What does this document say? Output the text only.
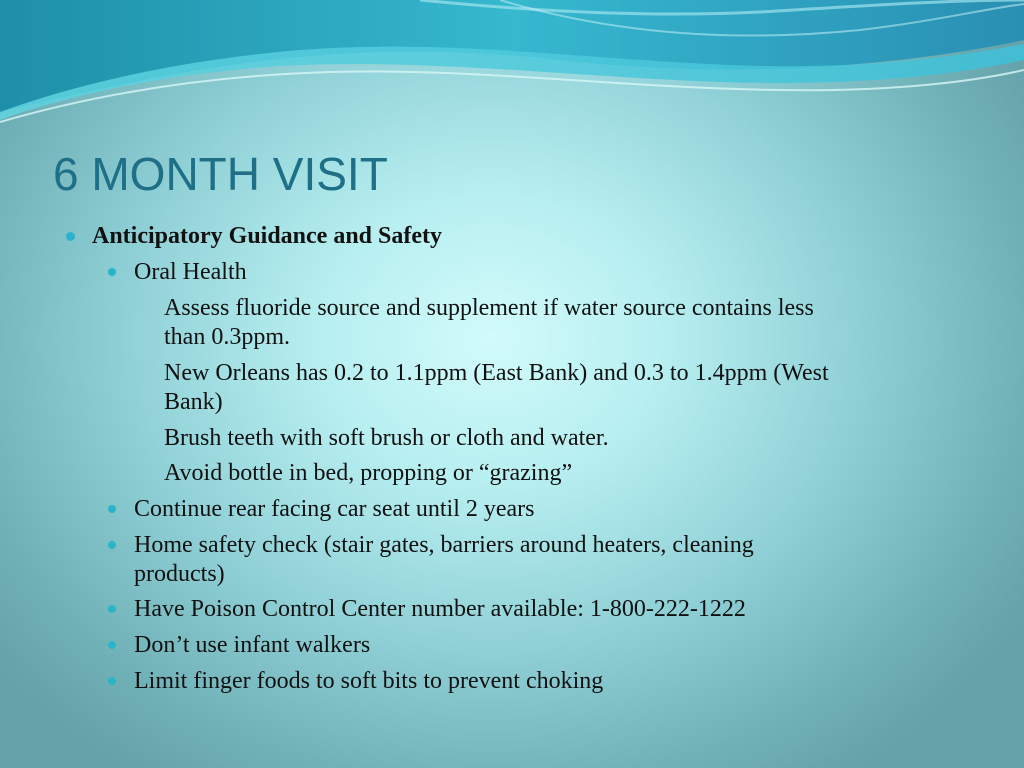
6 MONTH VISIT
Anticipatory Guidance and Safety
Oral Health
Assess fluoride source and supplement if water source contains less
than 0.3ppm.
New Orleans has 0.2 to 1.1ppm (East Bank) and 0.3 to 1.4ppm (West
Bank)
Brush teeth with soft brush or cloth and water.
Avoid bottle in bed, propping or “grazing”
Continue rear facing car seat until 2 years
Home safety check (stair gates, barriers around heaters, cleaning
products)
Have Poison Control Center number available: 1-800-222-1222
Don’t use infant walkers
Limit finger foods to soft bits to prevent choking
